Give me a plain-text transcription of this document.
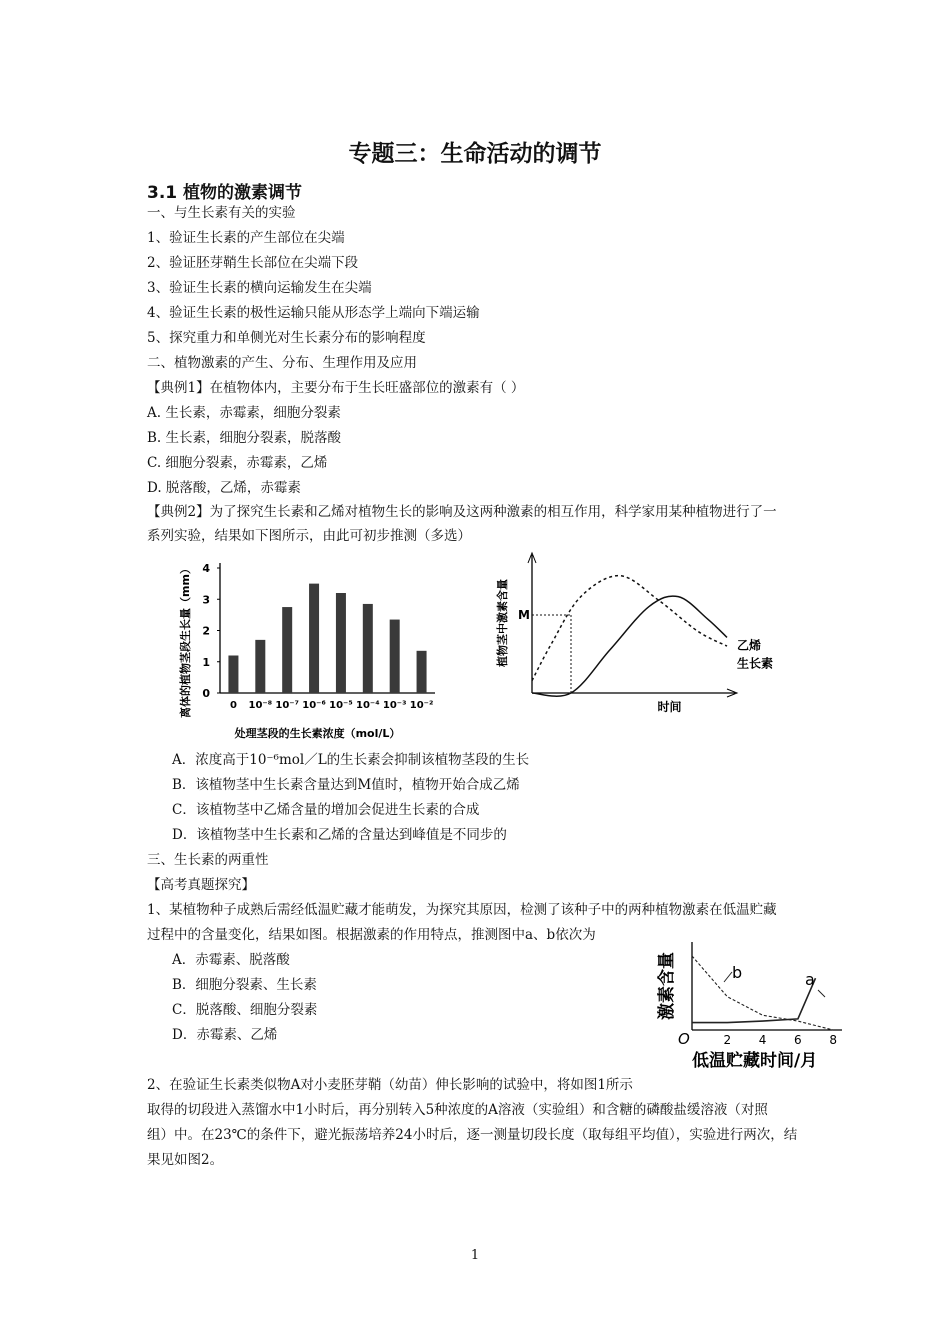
专题三：生命活动的调节
3.1 植物的激素调节
一、与生长素有关的实验
1、验证生长素的产生部位在尖端
2、验证胚芽鞘生长部位在尖端下段
3、验证生长素的横向运输发生在尖端
4、验证生长素的极性运输只能从形态学上端向下端运输
5、探究重力和单侧光对生长素分布的影响程度
二、植物激素的产生、分布、生理作用及应用
【典例1】在植物体内，主要分布于生长旺盛部位的激素有（ ）
A. 生长素，赤霉素，细胞分裂素
B. 生长素，细胞分裂素，脱落酸
C. 细胞分裂素，赤霉素，乙烯
D. 脱落酸，乙烯，赤霉素
【典例2】为了探究生长素和乙烯对植物生长的影响及这两种激素的相互作用，科学家用某种植物进行了一
系列实验，结果如下图所示，由此可初步推测（多选）
0
1
2
3
4
0 10⁻⁸ 10⁻⁷ 10⁻⁶ 10⁻⁵ 10⁻⁴ 10⁻³ 10⁻²
处理茎段的生长素浓度（mol/L）
离体的植物茎段生长量（mm）	M
乙烯
生长素
时间
植物茎中激素含量
A．浓度高于10⁻⁶mol／L的生长素会抑制该植物茎段的生长
B．该植物茎中生长素含量达到M值时，植物开始合成乙烯
C．该植物茎中乙烯含量的增加会促进生长素的合成
D．该植物茎中生长素和乙烯的含量达到峰值是不同步的
三、生长素的两重性
【高考真题探究】
1、某植物种子成熟后需经低温贮藏才能萌发，为探究其原因，检测了该种子中的两种植物激素在低温贮藏
过程中的含量变化，结果如图。根据激素的作用特点，推测图中a、b依次为
A．赤霉素、脱落酸
B．细胞分裂素、生长素
C．脱落酸、细胞分裂素
D．赤霉素、乙烯	O	2 4 6 8
b	a
低温贮藏时间/月
激素含量
2、在验证生长素类似物A对小麦胚芽鞘（幼苗）伸长影响的试验中，将如图1所示
取得的切段进入蒸馏水中1小时后，再分别转入5种浓度的A溶液（实验组）和含糖的磷酸盐缓溶液（对照
组）中。在23℃的条件下，避光振荡培养24小时后，逐一测量切段长度（取每组平均值），实验进行两次，结
果见如图2。
1
